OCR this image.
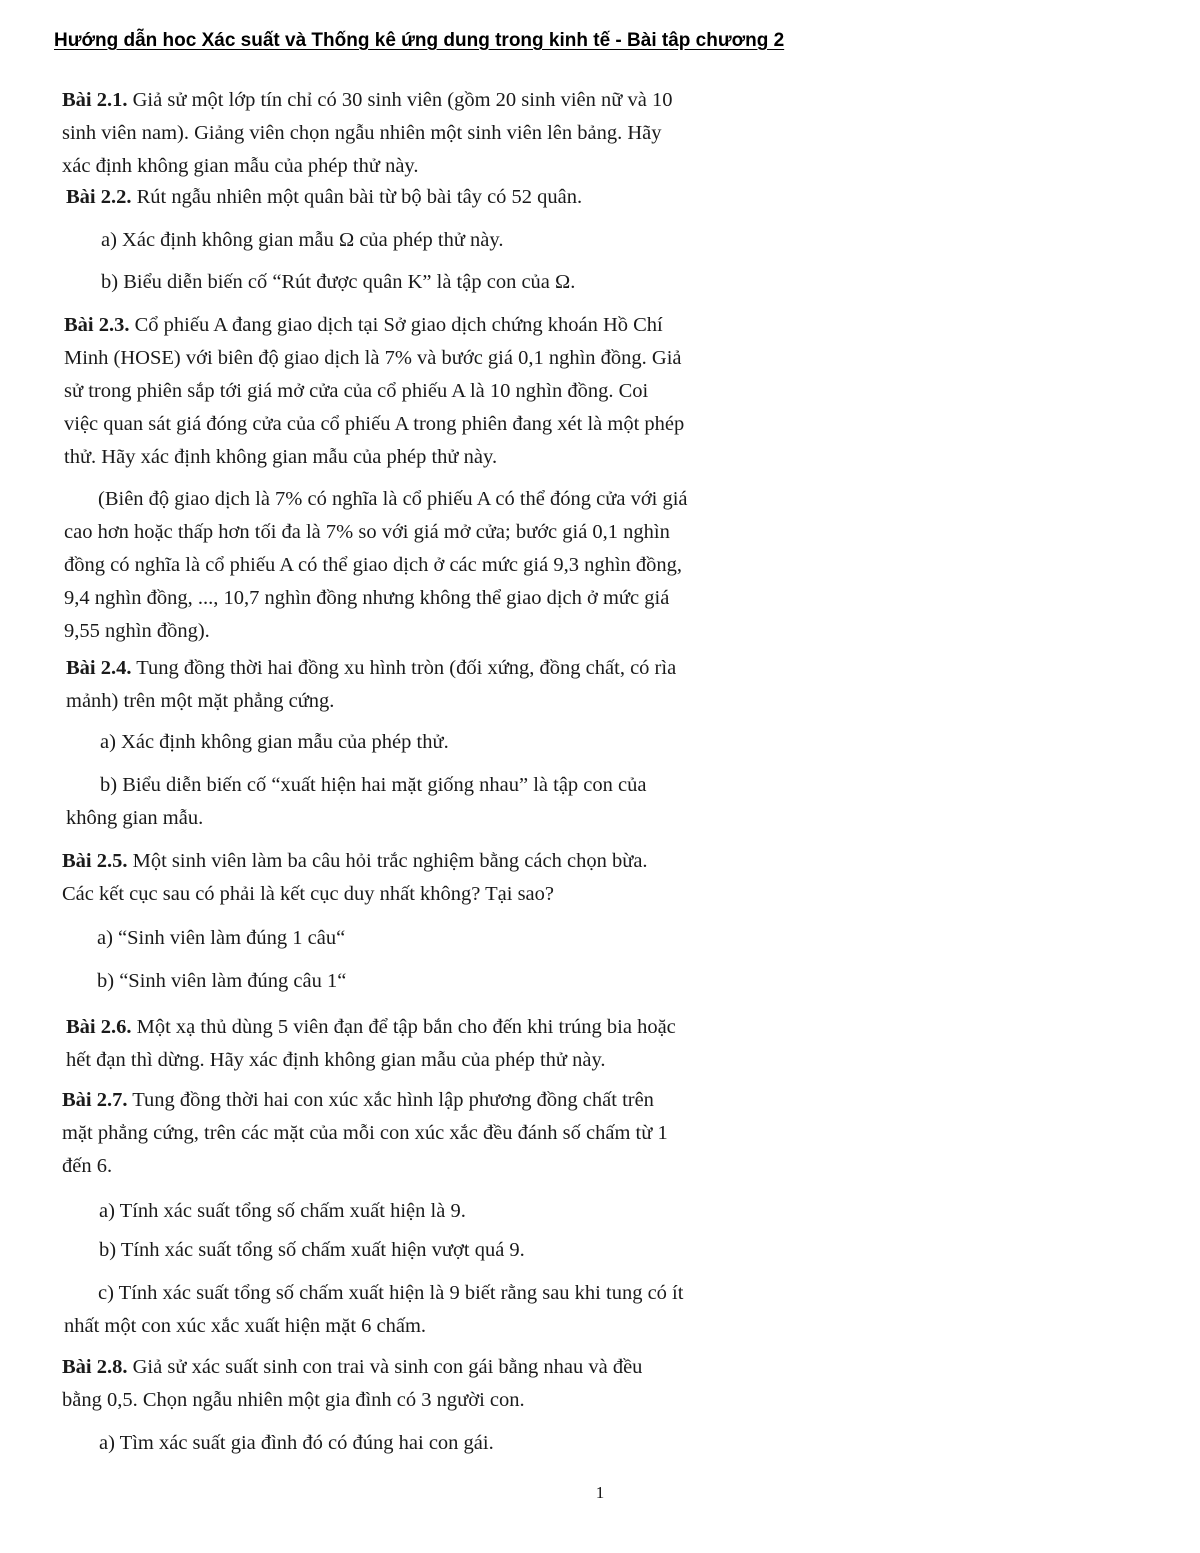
Hướng dẫn hoc Xác suất và Thống kê ứng dung trong kinh tế - Bài tâp chương 2
Bài 2.1. Giả sử một lớp tín chỉ có 30 sinh viên (gồm 20 sinh viên nữ và 10
sinh viên nam). Giảng viên chọn ngẫu nhiên một sinh viên lên bảng. Hãy
xác định không gian mẫu của phép thử này.
Bài 2.2. Rút ngẫu nhiên một quân bài từ bộ bài tây có 52 quân.
a) Xác định không gian mẫu Ω của phép thử này.
b) Biểu diễn biến cố “Rút được quân K” là tập con của Ω.
Bài 2.3. Cổ phiếu A đang giao dịch tại Sở giao dịch chứng khoán Hồ Chí
Minh (HOSE) với biên độ giao dịch là 7% và bước giá 0,1 nghìn đồng. Giả
sử trong phiên sắp tới giá mở cửa của cổ phiếu A là 10 nghìn đồng. Coi
việc quan sát giá đóng cửa của cổ phiếu A trong phiên đang xét là một phép
thử. Hãy xác định không gian mẫu của phép thử này.
(Biên độ giao dịch là 7% có nghĩa là cổ phiếu A có thể đóng cửa với giá
cao hơn hoặc thấp hơn tối đa là 7% so với giá mở cửa; bước giá 0,1 nghìn
đồng có nghĩa là cổ phiếu A có thể giao dịch ở các mức giá 9,3 nghìn đồng,
9,4 nghìn đồng, ..., 10,7 nghìn đồng nhưng không thể giao dịch ở mức giá
9,55 nghìn đồng).
Bài 2.4. Tung đồng thời hai đồng xu hình tròn (đối xứng, đồng chất, có rìa
mảnh) trên một mặt phẳng cứng.
a) Xác định không gian mẫu của phép thử.
b) Biểu diễn biến cố “xuất hiện hai mặt giống nhau” là tập con của
không gian mẫu.
Bài 2.5. Một sinh viên làm ba câu hỏi trắc nghiệm bằng cách chọn bừa.
Các kết cục sau có phải là kết cục duy nhất không? Tại sao?
a) “Sinh viên làm đúng 1 câu“
b) “Sinh viên làm đúng câu 1“
Bài 2.6. Một xạ thủ dùng 5 viên đạn để tập bắn cho đến khi trúng bia hoặc
hết đạn thì dừng. Hãy xác định không gian mẫu của phép thử này.
Bài 2.7. Tung đồng thời hai con xúc xắc hình lập phương đồng chất trên
mặt phẳng cứng, trên các mặt của mỗi con xúc xắc đều đánh số chấm từ 1
đến 6.
a) Tính xác suất tổng số chấm xuất hiện là 9.
b) Tính xác suất tổng số chấm xuất hiện vượt quá 9.
c) Tính xác suất tổng số chấm xuất hiện là 9 biết rằng sau khi tung có ít
nhất một con xúc xắc xuất hiện mặt 6 chấm.
Bài 2.8. Giả sử xác suất sinh con trai và sinh con gái bằng nhau và đều
bằng 0,5. Chọn ngẫu nhiên một gia đình có 3 người con.
a) Tìm xác suất gia đình đó có đúng hai con gái.
1
